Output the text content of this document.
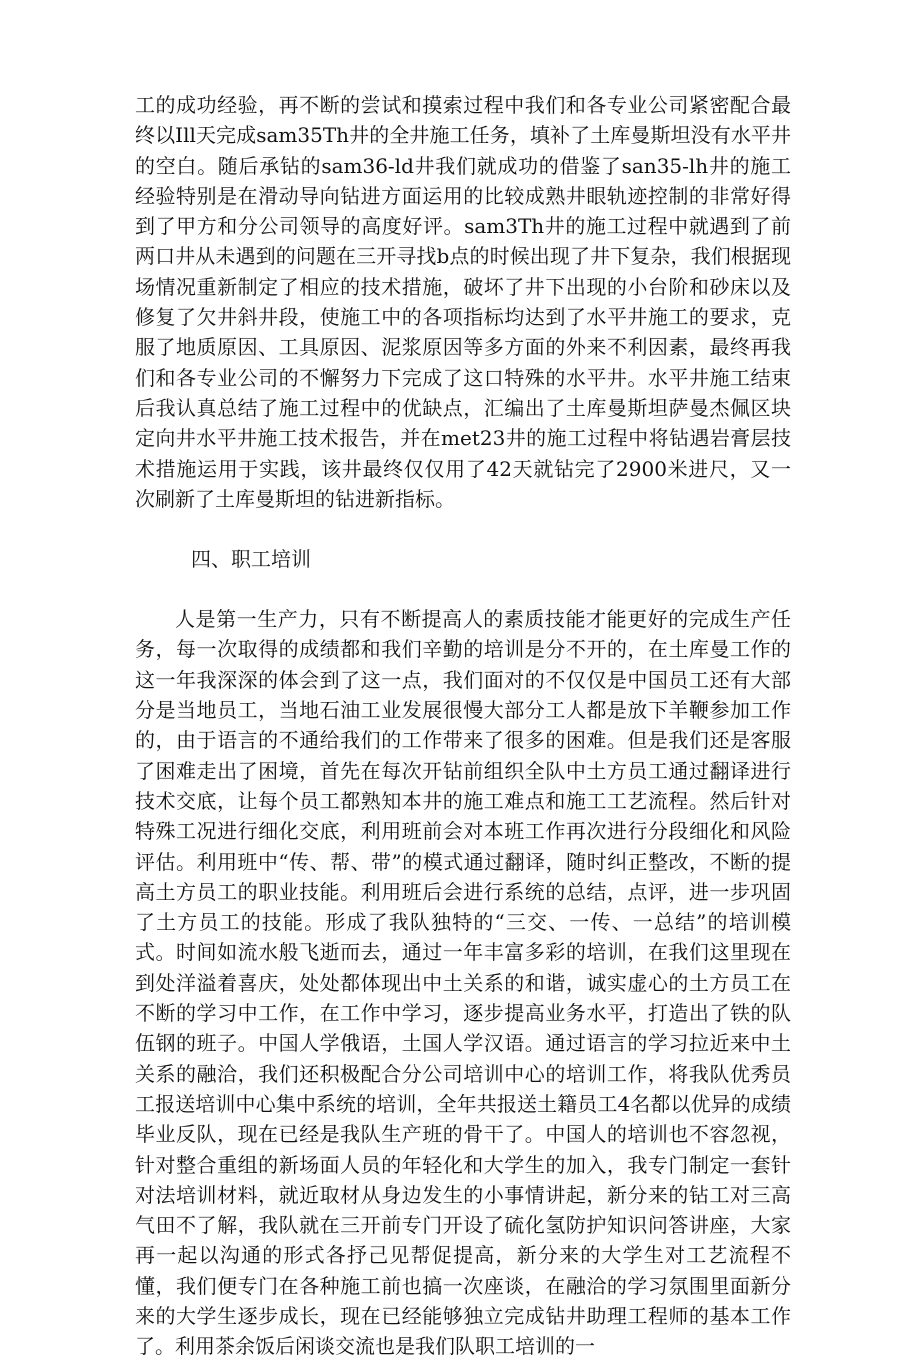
工的成功经验，再不断的尝试和摸索过程中我们和各专业公司紧密配合最终以Ill天完成sam35Th井的全井施工任务，填补了土库曼斯坦没有水平井的空白。随后承钻的sam36-ld井我们就成功的借鉴了san35-lh井的施工经验特别是在滑动导向钻进方面运用的比较成熟井眼轨迹控制的非常好得到了甲方和分公司领导的高度好评。sam3Th井的施工过程中就遇到了前两口井从未遇到的问题在三开寻找b点的时候出现了井下复杂，我们根据现场情况重新制定了相应的技术措施，破坏了井下出现的小台阶和砂床以及修复了欠井斜井段，使施工中的各项指标均达到了水平井施工的要求，克服了地质原因、工具原因、泥浆原因等多方面的外来不利因素，最终再我们和各专业公司的不懈努力下完成了这口特殊的水平井。水平井施工结束后我认真总结了施工过程中的优缺点，汇编出了土库曼斯坦萨曼杰佩区块定向井水平井施工技术报告，并在met23井的施工过程中将钻遇岩膏层技术措施运用于实践，该井最终仅仅用了42天就钻完了2900米进尺，又一次刷新了土库曼斯坦的钻进新指标。

四、职工培训

人是第一生产力，只有不断提高人的素质技能才能更好的完成生产任务，每一次取得的成绩都和我们辛勤的培训是分不开的，在土库曼工作的这一年我深深的体会到了这一点，我们面对的不仅仅是中国员工还有大部分是当地员工，当地石油工业发展很慢大部分工人都是放下羊鞭参加工作的，由于语言的不通给我们的工作带来了很多的困难。但是我们还是客服了困难走出了困境，首先在每次开钻前组织全队中土方员工通过翻译进行技术交底，让每个员工都熟知本井的施工难点和施工工艺流程。然后针对特殊工况进行细化交底，利用班前会对本班工作再次进行分段细化和风险评估。利用班中“传、帮、带”的模式通过翻译，随时纠正整改，不断的提高土方员工的职业技能。利用班后会进行系统的总结，点评，进一步巩固了土方员工的技能。形成了我队独特的“三交、一传、一总结”的培训模式。时间如流水般飞逝而去，通过一年丰富多彩的培训，在我们这里现在到处洋溢着喜庆，处处都体现出中土关系的和谐，诚实虚心的土方员工在不断的学习中工作，在工作中学习，逐步提高业务水平，打造出了铁的队伍钢的班子。中国人学俄语，土国人学汉语。通过语言的学习拉近来中土关系的融洽，我们还积极配合分公司培训中心的培训工作，将我队优秀员工报送培训中心集中系统的培训，全年共报送土籍员工4名都以优异的成绩毕业反队，现在已经是我队生产班的骨干了。中国人的培训也不容忽视，针对整合重组的新场面人员的年轻化和大学生的加入，我专门制定一套针对法培训材料，就近取材从身边发生的小事情讲起，新分来的钻工对三高气田不了解，我队就在三开前专门开设了硫化氢防护知识问答讲座，大家再一起以沟通的形式各抒己见帮促提高，新分来的大学生对工艺流程不懂，我们便专门在各种施工前也搞一次座谈，在融洽的学习氛围里面新分来的大学生逐步成长，现在已经能够独立完成钻井助理工程师的基本工作了。利用茶余饭后闲谈交流也是我们队职工培训的一
